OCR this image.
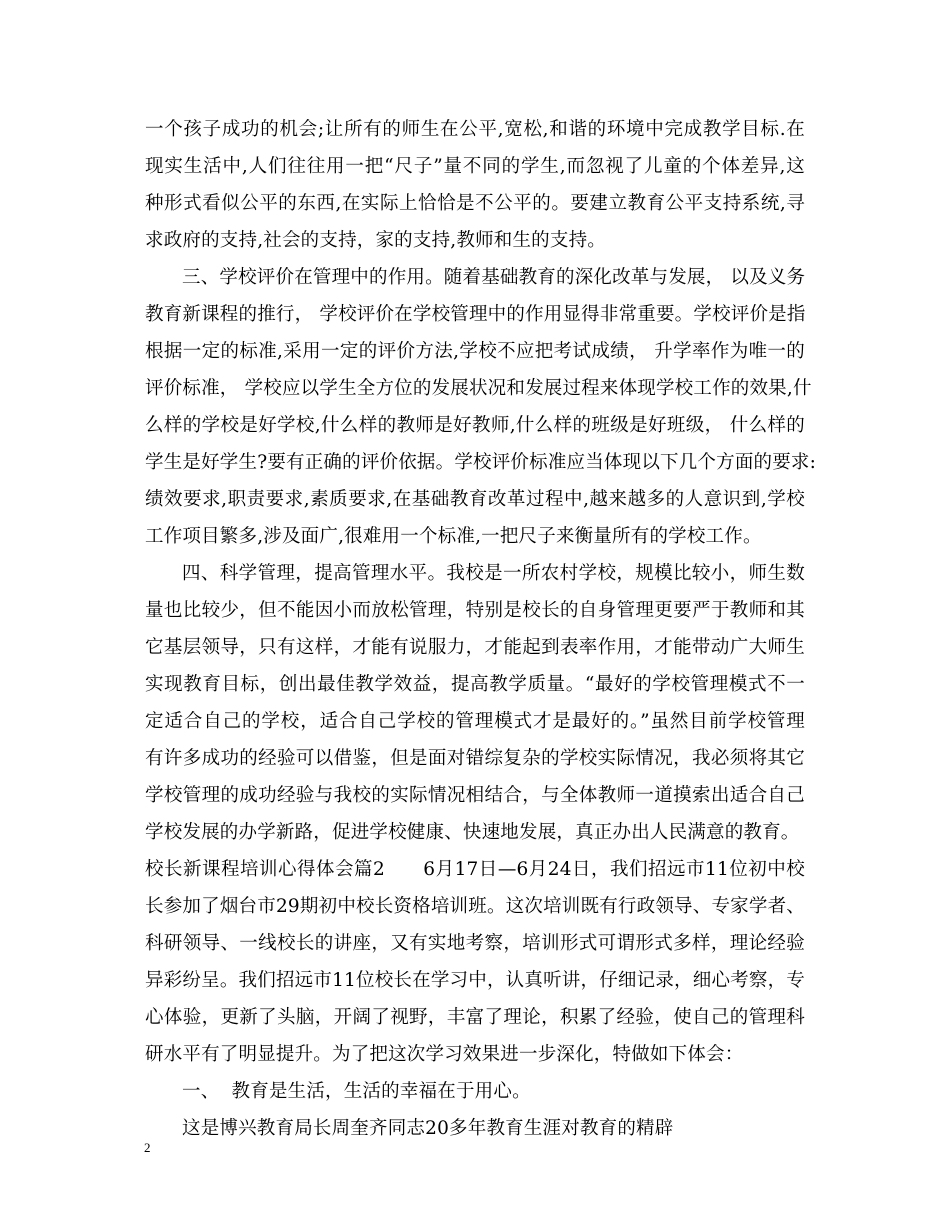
一个孩子成功的机会;让所有的师生在公平,宽松,和谐的环境中完成教学目标.在
现实生活中,人们往往用一把“尺子”量不同的学生,而忽视了儿童的个体差异,这
种形式看似公平的东西,在实际上恰恰是不公平的。要建立教育公平支持系统,寻
求政府的支持,社会的支持，家的支持,教师和生的支持。
三、学校评价在管理中的作用。随着基础教育的深化改革与发展， 以及义务
教育新课程的推行， 学校评价在学校管理中的作用显得非常重要。学校评价是指
根据一定的标准,采用一定的评价方法,学校不应把考试成绩， 升学率作为唯一的
评价标准， 学校应以学生全方位的发展状况和发展过程来体现学校工作的效果,什
么样的学校是好学校,什么样的教师是好教师,什么样的班级是好班级， 什么样的
学生是好学生?要有正确的评价依据。学校评价标准应当体现以下几个方面的要求:
绩效要求,职责要求,素质要求,在基础教育改革过程中,越来越多的人意识到,学校
工作项目繁多,涉及面广,很难用一个标准,一把尺子来衡量所有的学校工作。
四、科学管理，提高管理水平。我校是一所农村学校，规模比较小，师生数
量也比较少，但不能因小而放松管理，特别是校长的自身管理更要严于教师和其
它基层领导，只有这样，才能有说服力，才能起到表率作用，才能带动广大师生
实现教育目标，创出最佳教学效益，提高教学质量。“最好的学校管理模式不一
定适合自己的学校，适合自己学校的管理模式才是最好的。”虽然目前学校管理
有许多成功的经验可以借鉴，但是面对错综复杂的学校实际情况，我必须将其它
学校管理的成功经验与我校的实际情况相结合，与全体教师一道摸索出适合自己
学校发展的办学新路，促进学校健康、快速地发展，真正办出人民满意的教育。
校长新课程培训心得体会篇2　　6月17日—6月24日，我们招远市11位初中校
长参加了烟台市29期初中校长资格培训班。这次培训既有行政领导、专家学者、
科研领导、一线校长的讲座，又有实地考察，培训形式可谓形式多样，理论经验
异彩纷呈。我们招远市11位校长在学习中，认真听讲，仔细记录，细心考察，专
心体验，更新了头脑，开阔了视野，丰富了理论，积累了经验，使自己的管理科
研水平有了明显提升。为了把这次学习效果进一步深化，特做如下体会：
一、  教育是生活，生活的幸福在于用心。
这是博兴教育局长周奎齐同志20多年教育生涯对教育的精辟
2
